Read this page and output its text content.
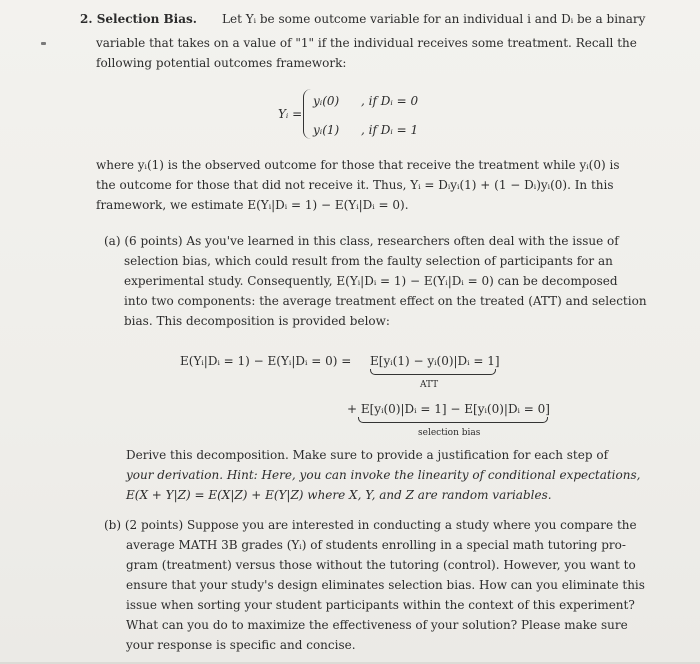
2. Selection Bias. Let Yᵢ be some outcome variable for an individual i and Dᵢ be a binary
variable that takes on a value of "1" if the individual receives some treatment. Recall the
following potential outcomes framework:
Yᵢ =
yᵢ(0) , if Dᵢ = 0
yᵢ(1) , if Dᵢ = 1
where yᵢ(1) is the observed outcome for those that receive the treatment while yᵢ(0) is
the outcome for those that did not receive it. Thus, Yᵢ = Dᵢyᵢ(1) + (1 − Dᵢ)yᵢ(0). In this
framework, we estimate E(Yᵢ|Dᵢ = 1) − E(Yᵢ|Dᵢ = 0).
(a) (6 points) As you've learned in this class, researchers often deal with the issue of
selection bias, which could result from the faulty selection of participants for an
experimental study. Consequently, E(Yᵢ|Dᵢ = 1) − E(Yᵢ|Dᵢ = 0) can be decomposed
into two components: the average treatment effect on the treated (ATT) and selection
bias. This decomposition is provided below:
E(Yᵢ|Dᵢ = 1) − E(Yᵢ|Dᵢ = 0) = E[yᵢ(1) − yᵢ(0)|Dᵢ = 1]
ATT
+ E[yᵢ(0)|Dᵢ = 1] − E[yᵢ(0)|Dᵢ = 0]
selection bias
Derive this decomposition. Make sure to provide a justification for each step of
your derivation. Hint: Here, you can invoke the linearity of conditional expectations,
E(X + Y|Z) = E(X|Z) + E(Y|Z) where X, Y, and Z are random variables.
(b) (2 points) Suppose you are interested in conducting a study where you compare the
average MATH 3B grades (Yᵢ) of students enrolling in a special math tutoring pro-
gram (treatment) versus those without the tutoring (control). However, you want to
ensure that your study's design eliminates selection bias. How can you eliminate this
issue when sorting your student participants within the context of this experiment?
What can you do to maximize the effectiveness of your solution? Please make sure
your response is specific and concise.
